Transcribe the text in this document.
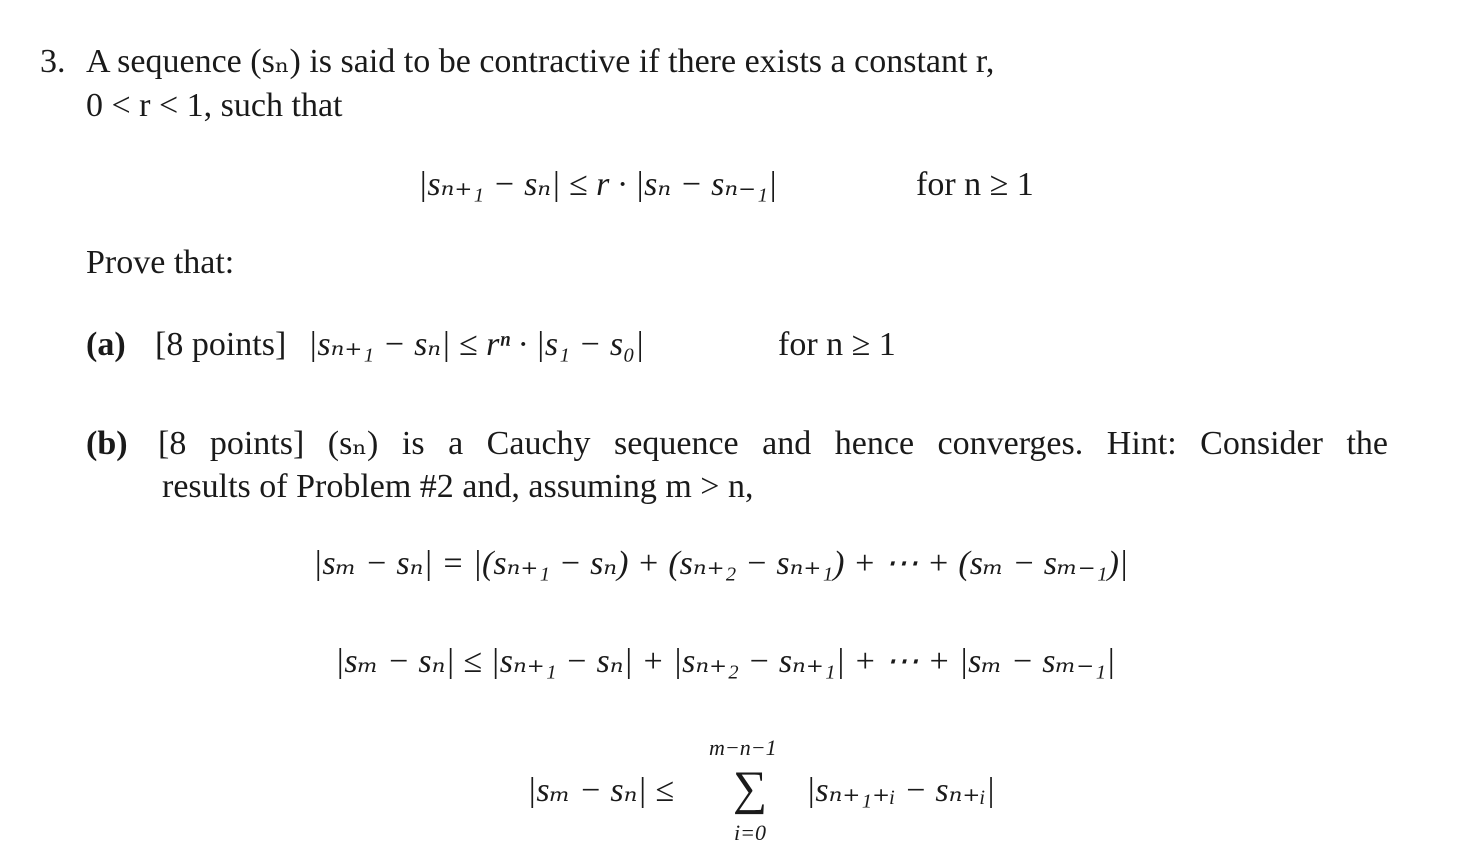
3. A sequence (sₙ) is said to be contractive if there exists a constant r,
0 < r < 1, such that
|sₙ₊₁ − sₙ| ≤ r · |sₙ − sₙ₋₁|	for n ≥ 1
Prove that:
(a) [8 points] |sₙ₊₁ − sₙ| ≤ rⁿ · |s₁ − s₀|	for n ≥ 1
(b) [8 points] (sₙ) is a Cauchy sequence and hence converges. Hint: Consider the
results of Problem #2 and, assuming m > n,
|sₘ − sₙ| = |(sₙ₊₁ − sₙ) + (sₙ₊₂ − sₙ₊₁) + ⋯ + (sₘ − sₘ₋₁)|
|sₘ − sₙ| ≤ |sₙ₊₁ − sₙ| + |sₙ₊₂ − sₙ₊₁| + ⋯ + |sₘ − sₘ₋₁|
|sₘ − sₙ| ≤
m−n−1
∑
i=0
|sₙ₊₁₊ᵢ − sₙ₊ᵢ|
